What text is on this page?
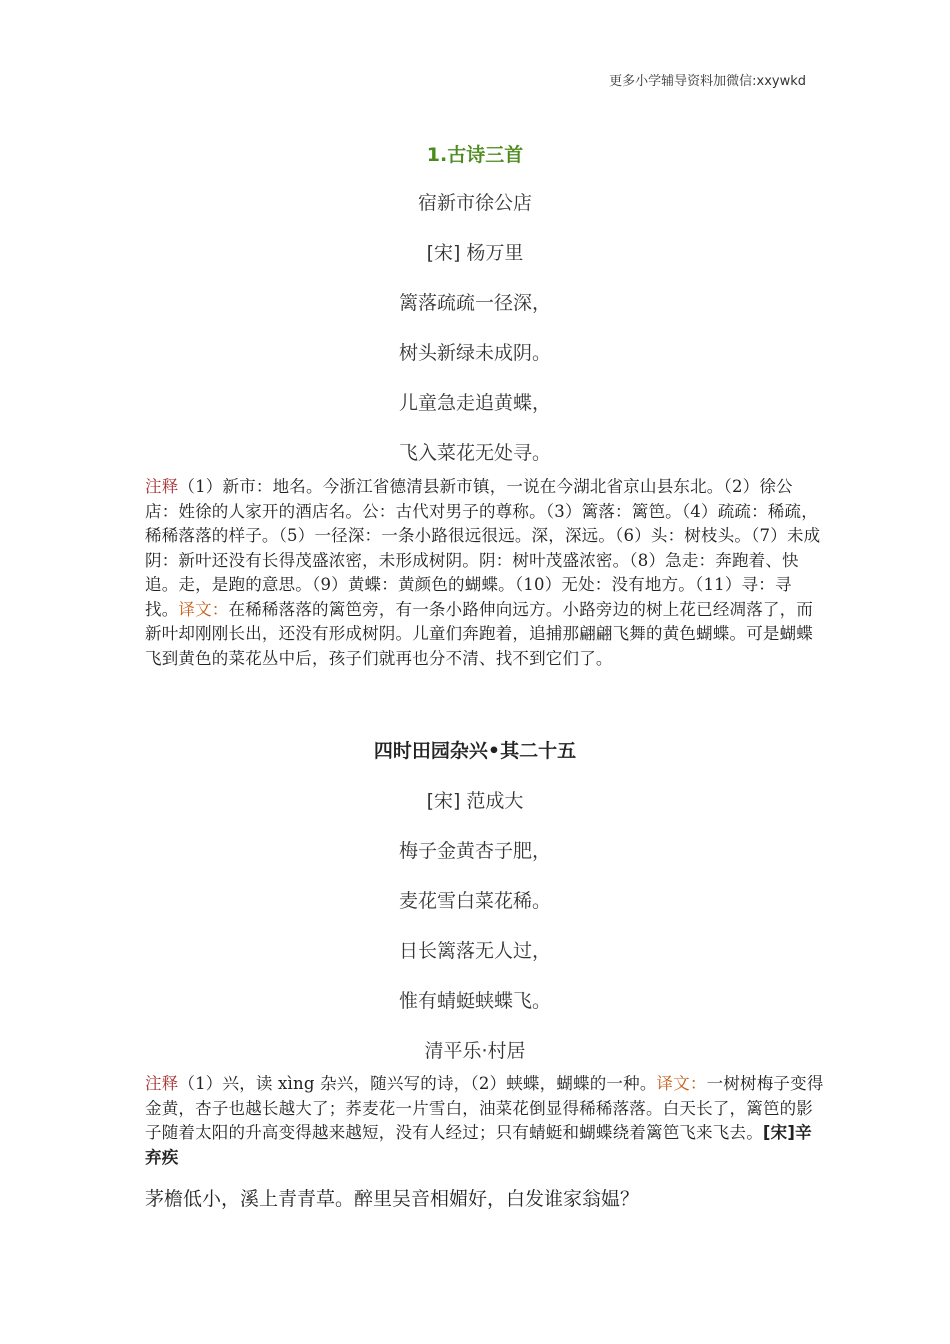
更多小学辅导资料加微信:xxywkd
1.古诗三首
宿新市徐公店
[宋] 杨万里
篱落疏疏一径深，
树头新绿未成阴。
儿童急走追黄蝶，
飞入菜花无处寻。
注释（1）新市：地名。今浙江省德清县新市镇，一说在今湖北省京山县东北。（2）徐公店：姓徐的人家开的酒店名。公：古代对男子的尊称。（3）篱落：篱笆。（4）疏疏：稀疏，稀稀落落的样子。（5）一径深：一条小路很远很远。深，深远。（6）头：树枝头。（7）未成阴：新叶还没有长得茂盛浓密，未形成树阴。阴：树叶茂盛浓密。（8）急走：奔跑着、快追。走，是跑的意思。（9）黄蝶：黄颜色的蝴蝶。（10）无处：没有地方。（11）寻：寻找。译文：在稀稀落落的篱笆旁，有一条小路伸向远方。小路旁边的树上花已经凋落了，而新叶却刚刚长出，还没有形成树阴。儿童们奔跑着，追捕那翩翩飞舞的黄色蝴蝶。可是蝴蝶飞到黄色的菜花丛中后，孩子们就再也分不清、找不到它们了。
四时田园杂兴•其二十五
[宋] 范成大
梅子金黄杏子肥，
麦花雪白菜花稀。
日长篱落无人过，
惟有蜻蜓蛱蝶飞。
清平乐·村居
注释（1）兴，读 xìng 杂兴，随兴写的诗，（2）蛱蝶，蝴蝶的一种。译文：一树树梅子变得金黄，杏子也越长越大了；荞麦花一片雪白，油菜花倒显得稀稀落落。白天长了，篱笆的影子随着太阳的升高变得越来越短，没有人经过；只有蜻蜓和蝴蝶绕着篱笆飞来飞去。[宋]辛弃疾
茅檐低小，溪上青青草。醉里吴音相媚好，白发谁家翁媪？
